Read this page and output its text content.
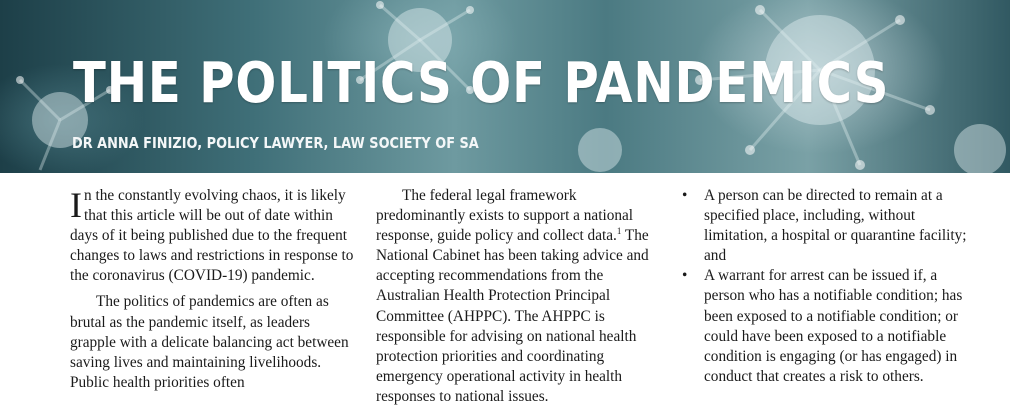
THE POLITICS OF PANDEMICS

DR ANNA FINIZIO, POLICY LAWYER, LAW SOCIETY OF SA

In the constantly evolving chaos, it is likely that this article will be out of date within days of it being published due to the frequent changes to laws and restrictions in response to the coronavirus (COVID-19) pandemic.

The politics of pandemics are often as brutal as the pandemic itself, as leaders grapple with a delicate balancing act between saving lives and maintaining livelihoods. Public health priorities often

The federal legal framework predominantly exists to support a national response, guide policy and collect data.$^1$ The National Cabinet has been taking advice and accepting recommendations from the Australian Health Protection Principal Committee (AHPPC). The AHPPC is responsible for advising on national health protection priorities and coordinating emergency operational activity in health responses to national issues.

• A person can be directed to remain at a specified place, including, without limitation, a hospital or quarantine facility; and
• A warrant for arrest can be issued if, a person who has a notifiable condition; has been exposed to a notifiable condition; or could have been exposed to a notifiable condition is engaging (or has engaged) in conduct that creates a risk to others.
